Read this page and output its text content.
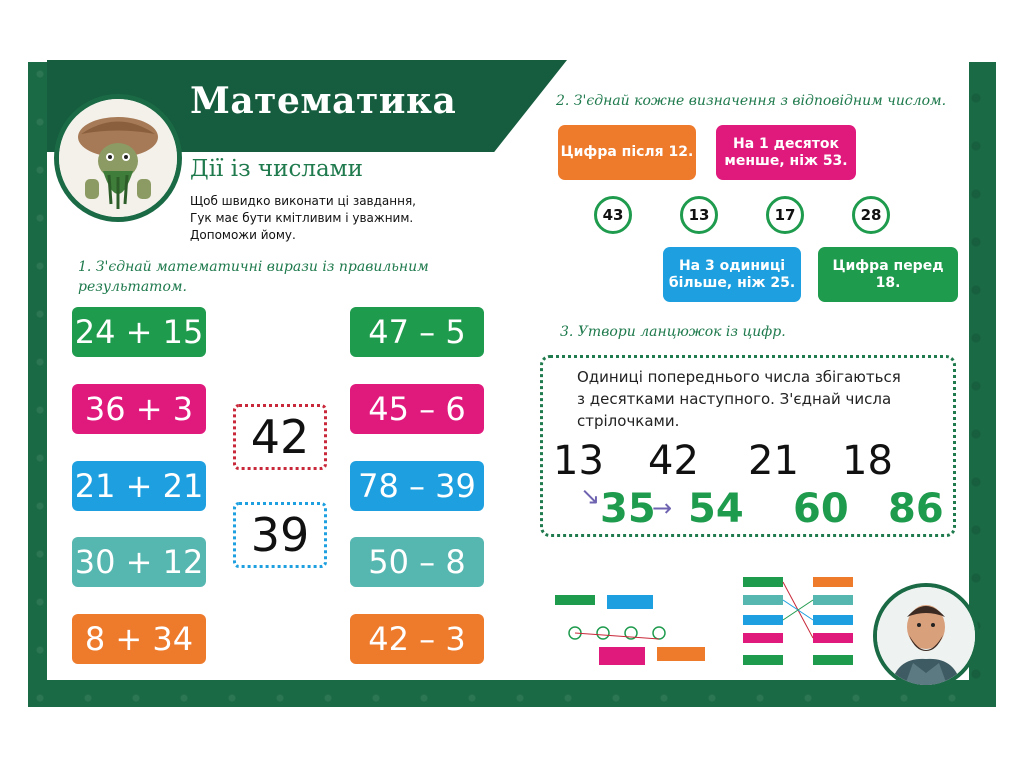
Математика
Дії із числами
Щоб швидко виконати ці завдання,
Гук має бути кмітливим і уважним.
Допоможи йому.
1. З'єднай математичні вирази із правильним
результатом.
24 + 15
36 + 3
21 + 21
30 + 12
8 + 34
42
39
47 – 5
45 – 6
78 – 39
50 – 8
42 – 3
2. З'єднай кожне визначення з відповідним числом.
Цифра після 12.
На 1 десяток
менше, ніж 53.
43	13	17	28
На 3 одиниці
більше, ніж 25.
Цифра перед 18.
3. Утвори ланцюжок із цифр.
Одиниці попереднього числа збігаються
з десятками наступного. З'єднай числа
стрілочками.
13 42 21 18
↘ 35
→ 54 60 86
